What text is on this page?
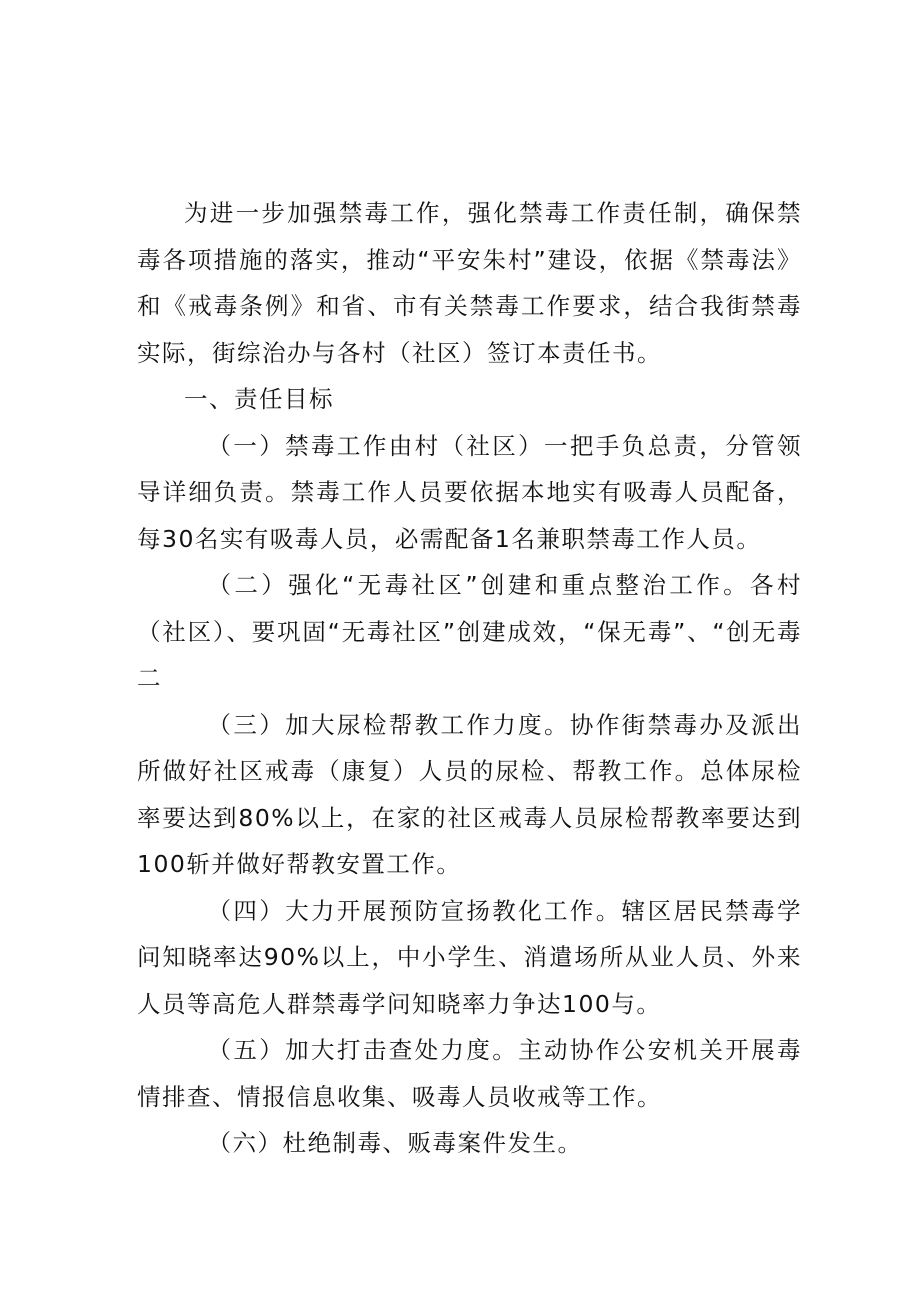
为进一步加强禁毒工作，强化禁毒工作责任制，确保禁毒各项措施的落实，推动“平安朱村”建设，依据《禁毒法》和《戒毒条例》和省、市有关禁毒工作要求，结合我街禁毒实际，街综治办与各村（社区）签订本责任书。

一、责任目标

（一）禁毒工作由村（社区）一把手负总责，分管领导详细负责。禁毒工作人员要依据本地实有吸毒人员配备，每30名实有吸毒人员，必需配备1名兼职禁毒工作人员。

（二）强化“无毒社区”创建和重点整治工作。各村（社区）、要巩固“无毒社区”创建成效，“保无毒”、“创无毒二

（三）加大尿检帮教工作力度。协作街禁毒办及派出所做好社区戒毒（康复）人员的尿检、帮教工作。总体尿检率要达到80%以上，在家的社区戒毒人员尿检帮教率要达到100斩并做好帮教安置工作。

（四）大力开展预防宣扬教化工作。辖区居民禁毒学问知晓率达90%以上，中小学生、消遣场所从业人员、外来人员等高危人群禁毒学问知晓率力争达100与。

（五）加大打击查处力度。主动协作公安机关开展毒情排查、情报信息收集、吸毒人员收戒等工作。

（六）杜绝制毒、贩毒案件发生。
